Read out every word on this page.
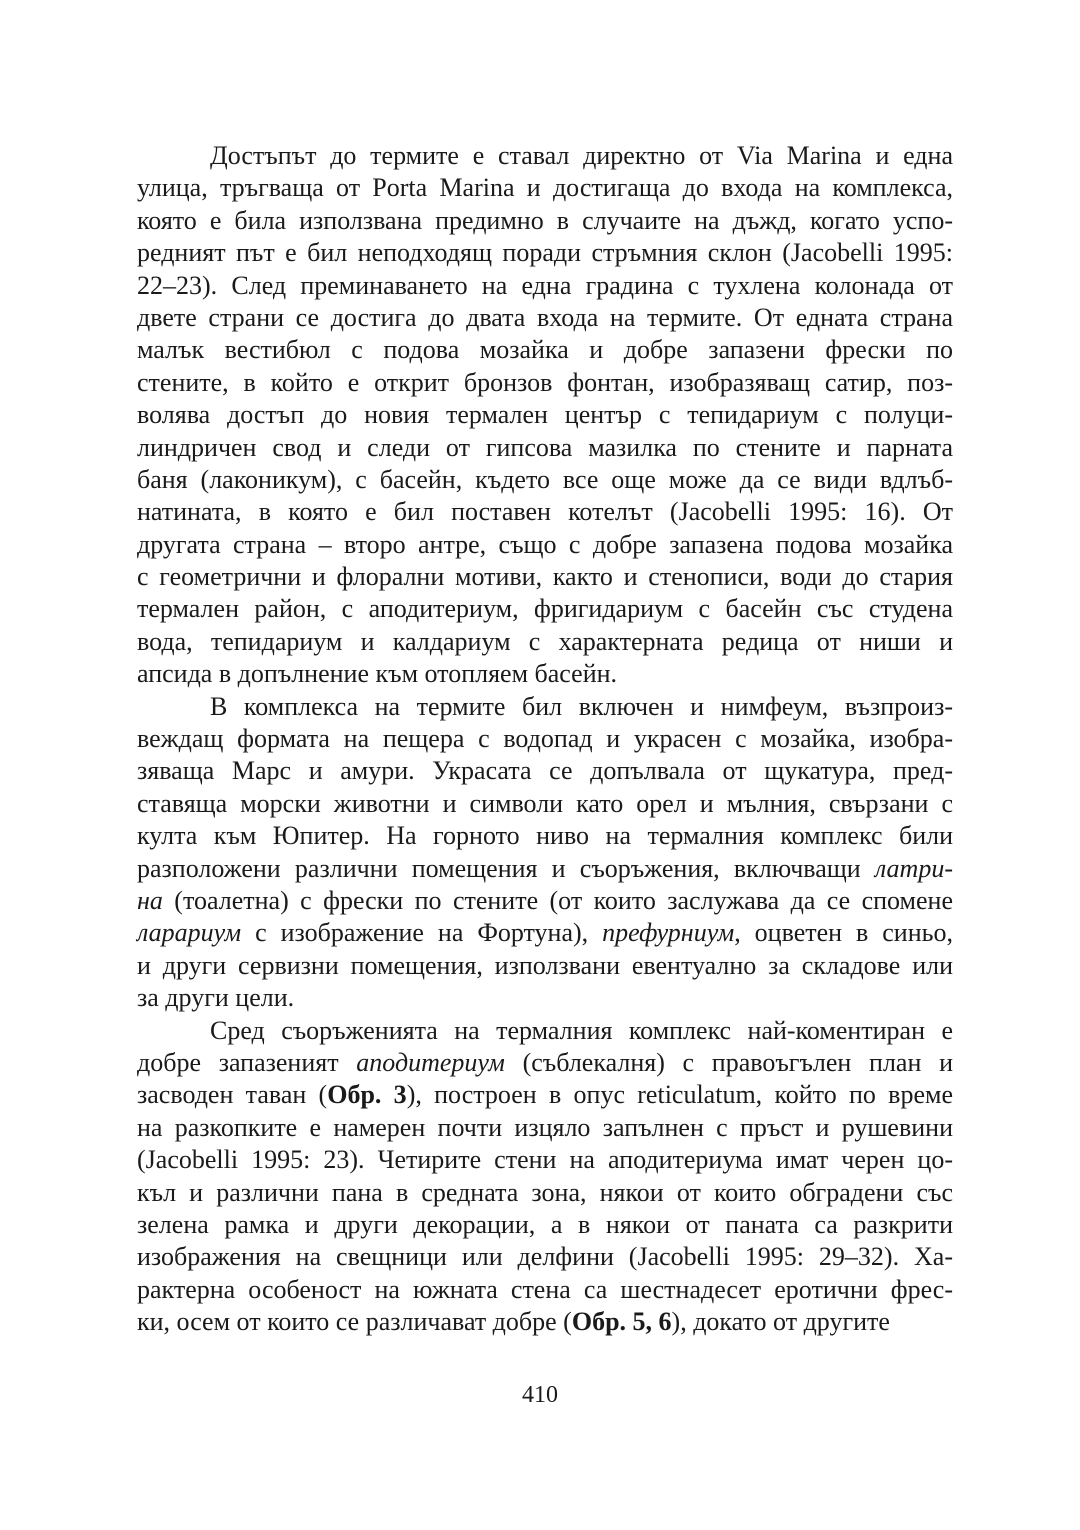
Достъпът до термите е ставал директно от Via Marina и една
улица, тръгваща от Porta Marina и достигаща до входа на комплекса,
която е била използвана предимно в случаите на дъжд, когато успо-
редният път е бил неподходящ поради стръмния склон (Jacobelli 1995:
22–23). След преминаването на една градина с тухлена колонада от
двете страни се достига до двата входа на термите. От едната страна
малък вестибюл с подова мозайка и добре запазени фрески по
стените, в който е открит бронзов фонтан, изобразяващ сатир, поз-
волява достъп до новия термален център с тепидариум с полуци-
линдричен свод и следи от гипсова мазилка по стените и парната
баня (лаконикум), с басейн, където все още може да се види вдлъб-
натината, в която е бил поставен котелът (Jacobelli 1995: 16). От
другата страна – второ антре, също с добре запазена подова мозайка
с геометрични и флорални мотиви, както и стенописи, води до стария
термален район, с аподитериум, фригидариум с басейн със студена
вода, тепидариум и калдариум с характерната редица от ниши и
апсида в допълнение към отопляем басейн.
В комплекса на термите бил включен и нимфеум, възпроиз-
веждащ формата на пещера с водопад и украсен с мозайка, изобра-
зяваща Марс и амури. Украсата се допълвала от щукатура, пред-
ставяща морски животни и символи като орел и мълния, свързани с
култа към Юпитер. На горното ниво на термалния комплекс били
разположени различни помещения и съоръжения, включващи латри-
на (тоалетна) с фрески по стените (от които заслужава да се спомене
ларариум с изображение на Фортуна), префурниум, оцветен в синьо,
и други сервизни помещения, използвани евентуално за складове или
за други цели.
Сред съоръженията на термалния комплекс най-коментиран е
добре запазеният аподитериум (съблекалня) с правоъгълен план и
засводен таван (Обр. 3), построен в опус reticulatum, който по време
на разкопките е намерен почти изцяло запълнен с пръст и рушевини
(Jacobelli 1995: 23). Четирите стени на аподитериума имат черен цо-
къл и различни пана в средната зона, някои от които обградени със
зелена рамка и други декорации, а в някои от паната са разкрити
изображения на свещници или делфини (Jacobelli 1995: 29–32). Ха-
рактерна особеност на южната стена са шестнадесет еротични фрес-
ки, осем от които се различават добре (Обр. 5, 6), докато от другите
410
